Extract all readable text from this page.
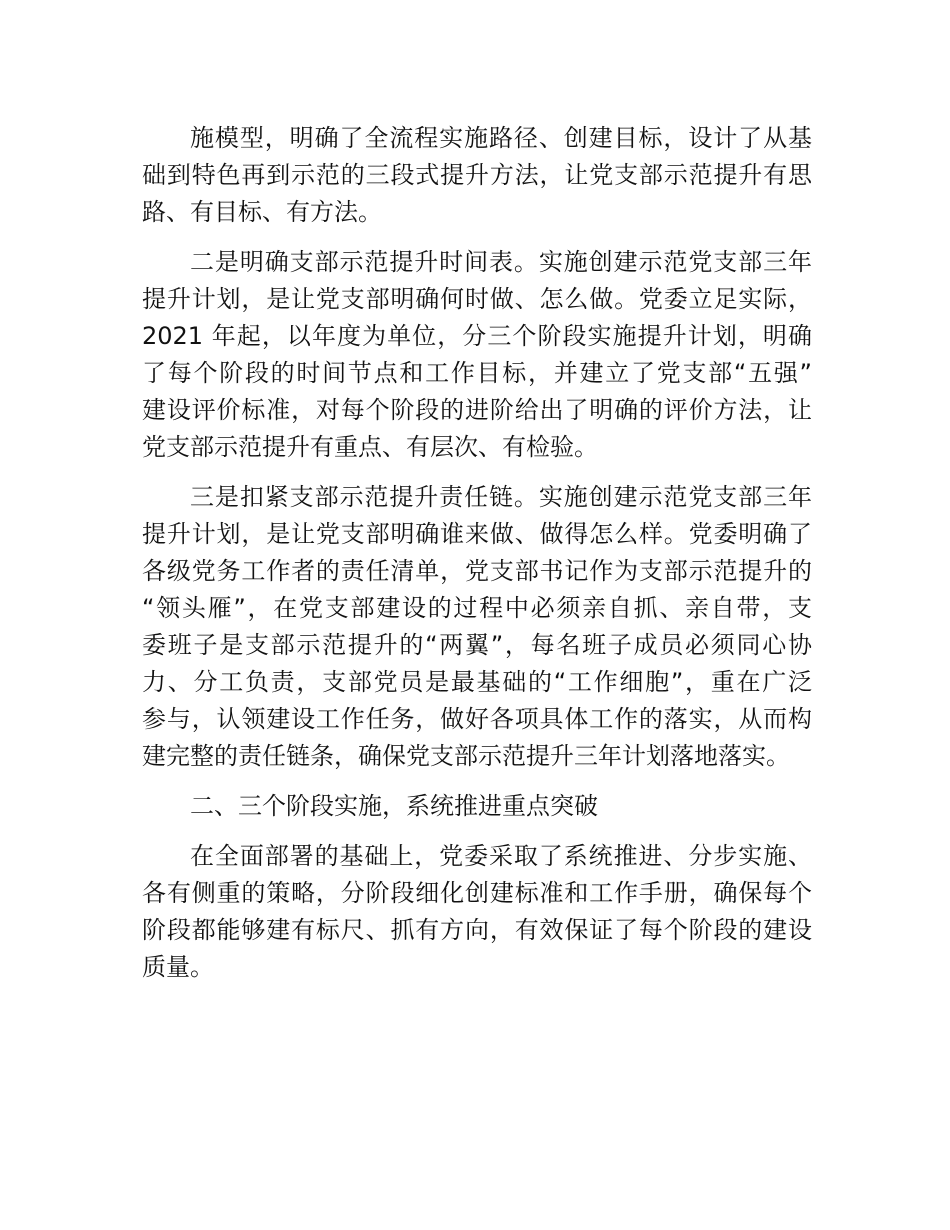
施模型，明确了全流程实施路径、创建目标，设计了从基
础到特色再到示范的三段式提升方法，让党支部示范提升有思
路、有目标、有方法。

二是明确支部示范提升时间表。实施创建示范党支部三年
提升计划，是让党支部明确何时做、怎么做。党委立足实际，
2021 年起，以年度为单位，分三个阶段实施提升计划，明确
了每个阶段的时间节点和工作目标，并建立了党支部“五强”
建设评价标准，对每个阶段的进阶给出了明确的评价方法，让
党支部示范提升有重点、有层次、有检验。

三是扣紧支部示范提升责任链。实施创建示范党支部三年
提升计划，是让党支部明确谁来做、做得怎么样。党委明确了
各级党务工作者的责任清单，党支部书记作为支部示范提升的
“领头雁”，在党支部建设的过程中必须亲自抓、亲自带，支
委班子是支部示范提升的“两翼”，每名班子成员必须同心协
力、分工负责，支部党员是最基础的“工作细胞”，重在广泛
参与，认领建设工作任务，做好各项具体工作的落实，从而构
建完整的责任链条，确保党支部示范提升三年计划落地落实。

二、三个阶段实施，系统推进重点突破

在全面部署的基础上，党委采取了系统推进、分步实施、
各有侧重的策略，分阶段细化创建标准和工作手册，确保每个
阶段都能够建有标尺、抓有方向，有效保证了每个阶段的建设
质量。
